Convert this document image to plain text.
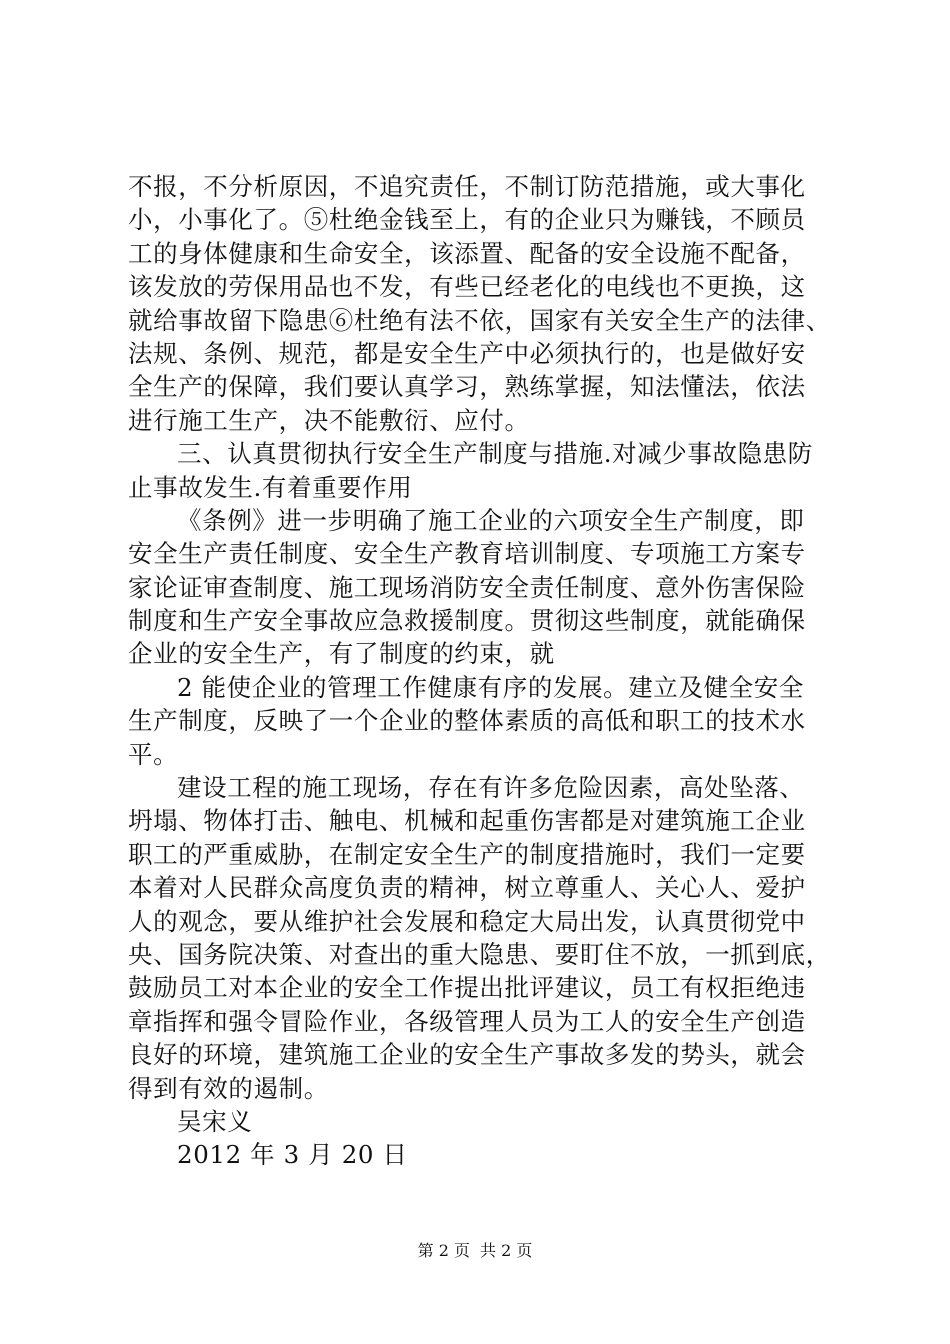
不报，不分析原因，不追究责任，不制订防范措施，或大事化
小，小事化了。⑤杜绝金钱至上，有的企业只为赚钱，不顾员
工的身体健康和生命安全，该添置、配备的安全设施不配备，
该发放的劳保用品也不发，有些已经老化的电线也不更换，这
就给事故留下隐患⑥杜绝有法不依，国家有关安全生产的法律、
法规、条例、规范，都是安全生产中必须执行的，也是做好安
全生产的保障，我们要认真学习，熟练掌握，知法懂法，依法
进行施工生产，决不能敷衍、应付。
三、认真贯彻执行安全生产制度与措施.对减少事故隐患防
止事故发生.有着重要作用
《条例》进一步明确了施工企业的六项安全生产制度，即
安全生产责任制度、安全生产教育培训制度、专项施工方案专
家论证审查制度、施工现场消防安全责任制度、意外伤害保险
制度和生产安全事故应急救援制度。贯彻这些制度，就能确保
企业的安全生产，有了制度的约束，就
2 能使企业的管理工作健康有序的发展。建立及健全安全
生产制度，反映了一个企业的整体素质的高低和职工的技术水
平。
建设工程的施工现场，存在有许多危险因素，高处坠落、
坍塌、物体打击、触电、机械和起重伤害都是对建筑施工企业
职工的严重威胁，在制定安全生产的制度措施时，我们一定要
本着对人民群众高度负责的精神，树立尊重人、关心人、爱护
人的观念，要从维护社会发展和稳定大局出发，认真贯彻党中
央、国务院决策、对查出的重大隐患、要盯住不放，一抓到底，
鼓励员工对本企业的安全工作提出批评建议，员工有权拒绝违
章指挥和强令冒险作业，各级管理人员为工人的安全生产创造
良好的环境，建筑施工企业的安全生产事故多发的势头，就会
得到有效的遏制。
吴宋义
2012 年 3 月 20 日
第 2 页 共 2 页
